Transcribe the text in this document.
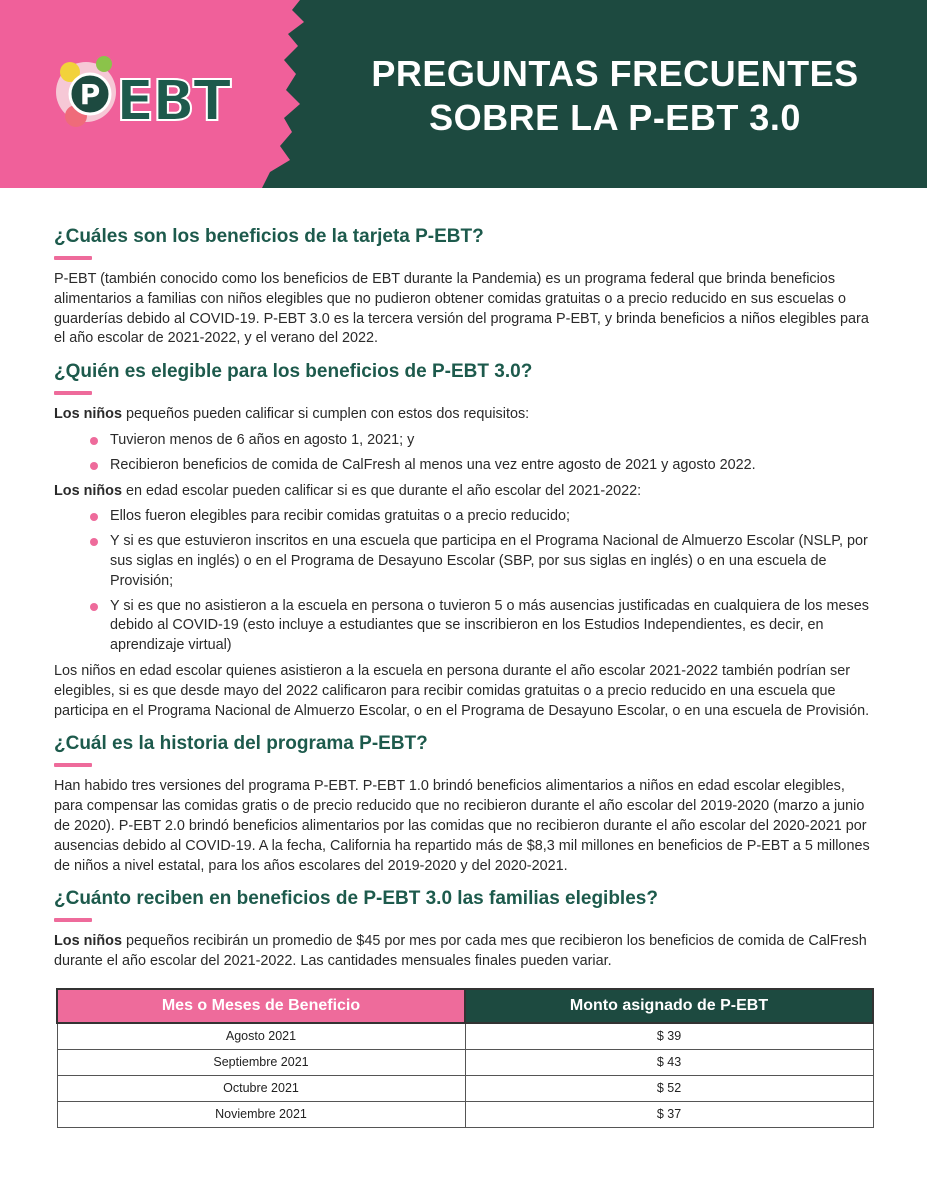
P EBT	PREGUNTAS FRECUENTES
SOBRE LA P-EBT 3.0
¿Cuáles son los beneficios de la tarjeta P-EBT?

P-EBT (también conocido como los beneficios de EBT durante la Pandemia) es un programa federal que brinda beneficios alimentarios a familias con niños elegibles que no pudieron obtener comidas gratuitas o a precio reducido en sus escuelas o guarderías debido al COVID-19. P-EBT 3.0 es la tercera versión del programa P-EBT, y brinda beneficios a niños elegibles para el año escolar de 2021-2022, y el verano del 2022.

¿Quién es elegible para los beneficios de P-EBT 3.0?

Los niños pequeños pueden calificar si cumplen con estos dos requisitos:

Tuvieron menos de 6 años en agosto 1, 2021; y
Recibieron beneficios de comida de CalFresh al menos una vez entre agosto de 2021 y agosto 2022.

Los niños en edad escolar pueden calificar si es que durante el año escolar del 2021-2022:

Ellos fueron elegibles para recibir comidas gratuitas o a precio reducido;
Y si es que estuvieron inscritos en una escuela que participa en el Programa Nacional de Almuerzo Escolar (NSLP, por sus siglas en inglés) o en el Programa de Desayuno Escolar (SBP, por sus siglas en inglés) o en una escuela de Provisión;
Y si es que no asistieron a la escuela en persona o tuvieron 5 o más ausencias justificadas en cualquiera de los meses debido al COVID-19 (esto incluye a estudiantes que se inscribieron en los Estudios Independientes, es decir, en aprendizaje virtual)

Los niños en edad escolar quienes asistieron a la escuela en persona durante el año escolar 2021-2022 también podrían ser elegibles, si es que desde mayo del 2022 calificaron para recibir comidas gratuitas o a precio reducido en una escuela que participa en el Programa Nacional de Almuerzo Escolar, o en el Programa de Desayuno Escolar, o en una escuela de Provisión.

¿Cuál es la historia del programa P-EBT?

Han habido tres versiones del programa P-EBT. P-EBT 1.0 brindó beneficios alimentarios a niños en edad escolar elegibles, para compensar las comidas gratis o de precio reducido que no recibieron durante el año escolar del 2019-2020 (marzo a junio de 2020). P-EBT 2.0 brindó beneficios alimentarios por las comidas que no recibieron durante el año escolar del 2020-2021 por ausencias debido al COVID-19. A la fecha, California ha repartido más de $8,3 mil millones en beneficios de P-EBT a 5 millones de niños a nivel estatal, para los años escolares del 2019-2020 y del 2020-2021.

¿Cuánto reciben en beneficios de P-EBT 3.0 las familias elegibles?

Los niños pequeños recibirán un promedio de $45 por mes por cada mes que recibieron los beneficios de comida de CalFresh durante el año escolar del 2021-2022. Las cantidades mensuales finales pueden variar.

Mes o Meses de Beneficio	Monto asignado de P-EBT
Agosto 2021	$ 39
Septiembre 2021	$ 43
Octubre 2021	$ 52
Noviembre 2021	$ 37
